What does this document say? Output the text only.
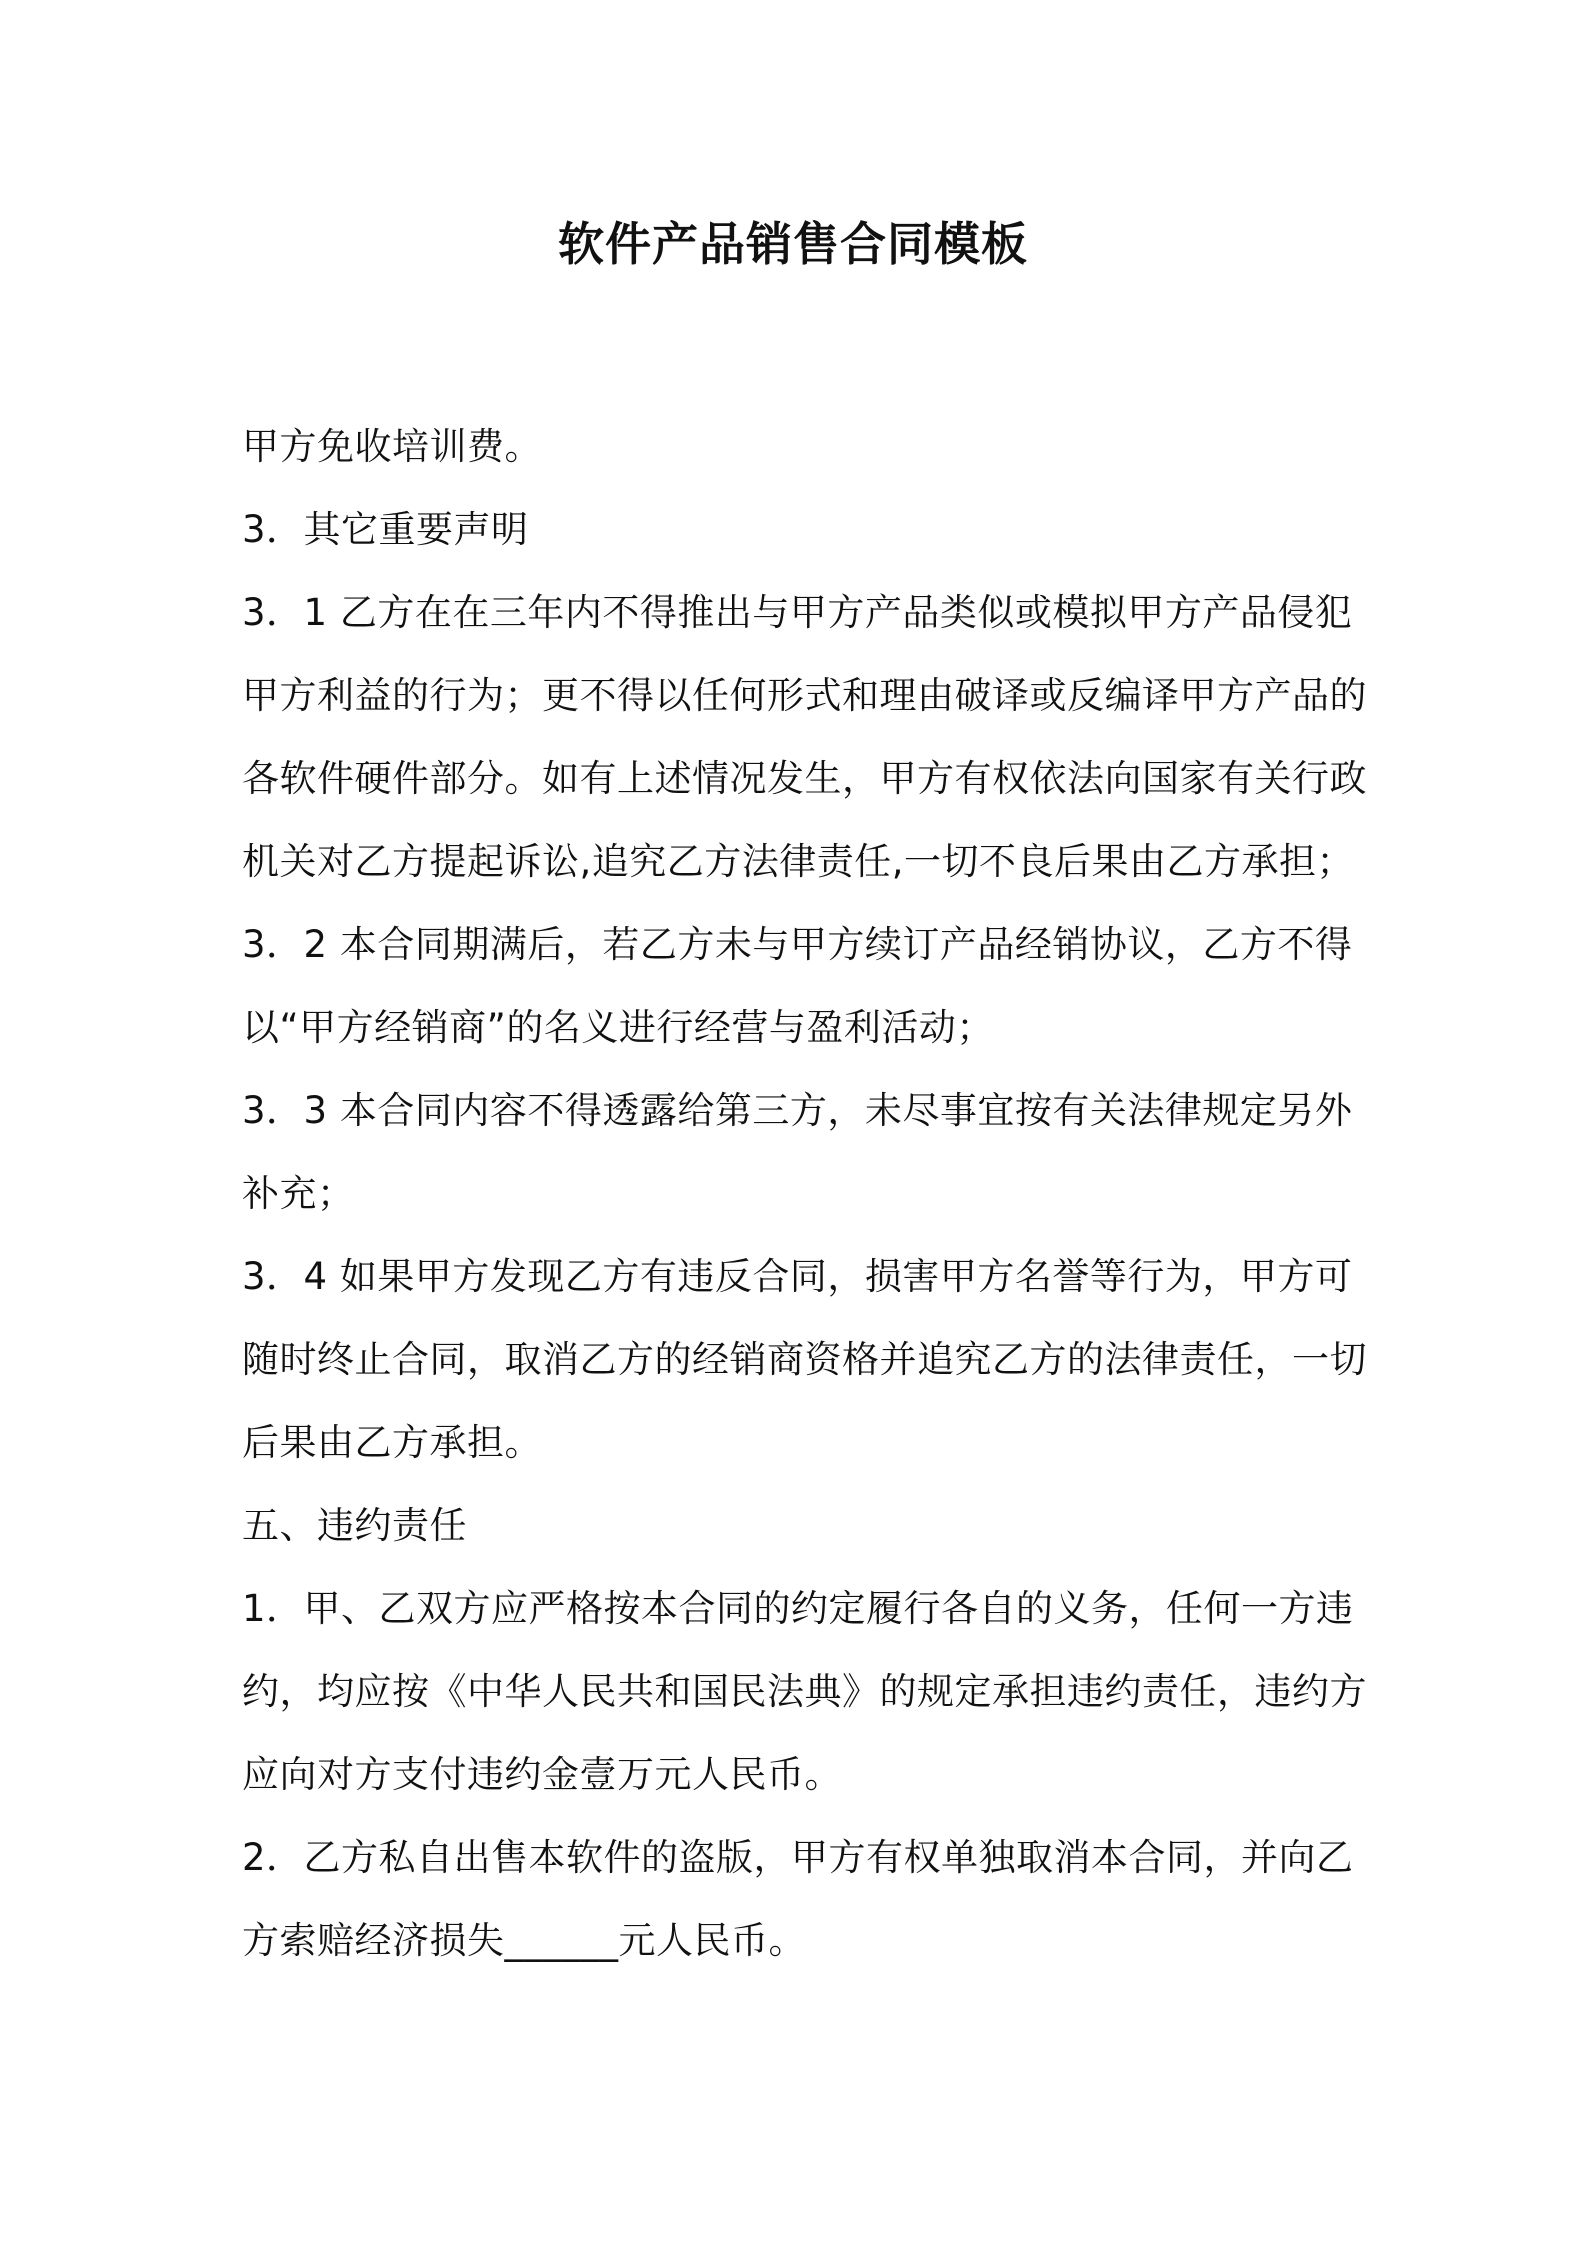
软件产品销售合同模板
甲方免收培训费。
3．其它重要声明
3．1 乙方在在三年内不得推出与甲方产品类似或模拟甲方产品侵犯
甲方利益的行为；更不得以任何形式和理由破译或反编译甲方产品的
各软件硬件部分。如有上述情况发生，甲方有权依法向国家有关行政
机关对乙方提起诉讼,追究乙方法律责任,一切不良后果由乙方承担；
3．2 本合同期满后，若乙方未与甲方续订产品经销协议，乙方不得
以“甲方经销商”的名义进行经营与盈利活动；
3．3 本合同内容不得透露给第三方，未尽事宜按有关法律规定另外
补充；
3．4 如果甲方发现乙方有违反合同，损害甲方名誉等行为，甲方可
随时终止合同，取消乙方的经销商资格并追究乙方的法律责任，一切
后果由乙方承担。
五、违约责任
1．甲、乙双方应严格按本合同的约定履行各自的义务，任何一方违
约，均应按《中华人民共和国民法典》的规定承担违约责任，违约方
应向对方支付违约金壹万元人民币。
2．乙方私自出售本软件的盗版，甲方有权单独取消本合同，并向乙
方索赔经济损失______元人民币。
